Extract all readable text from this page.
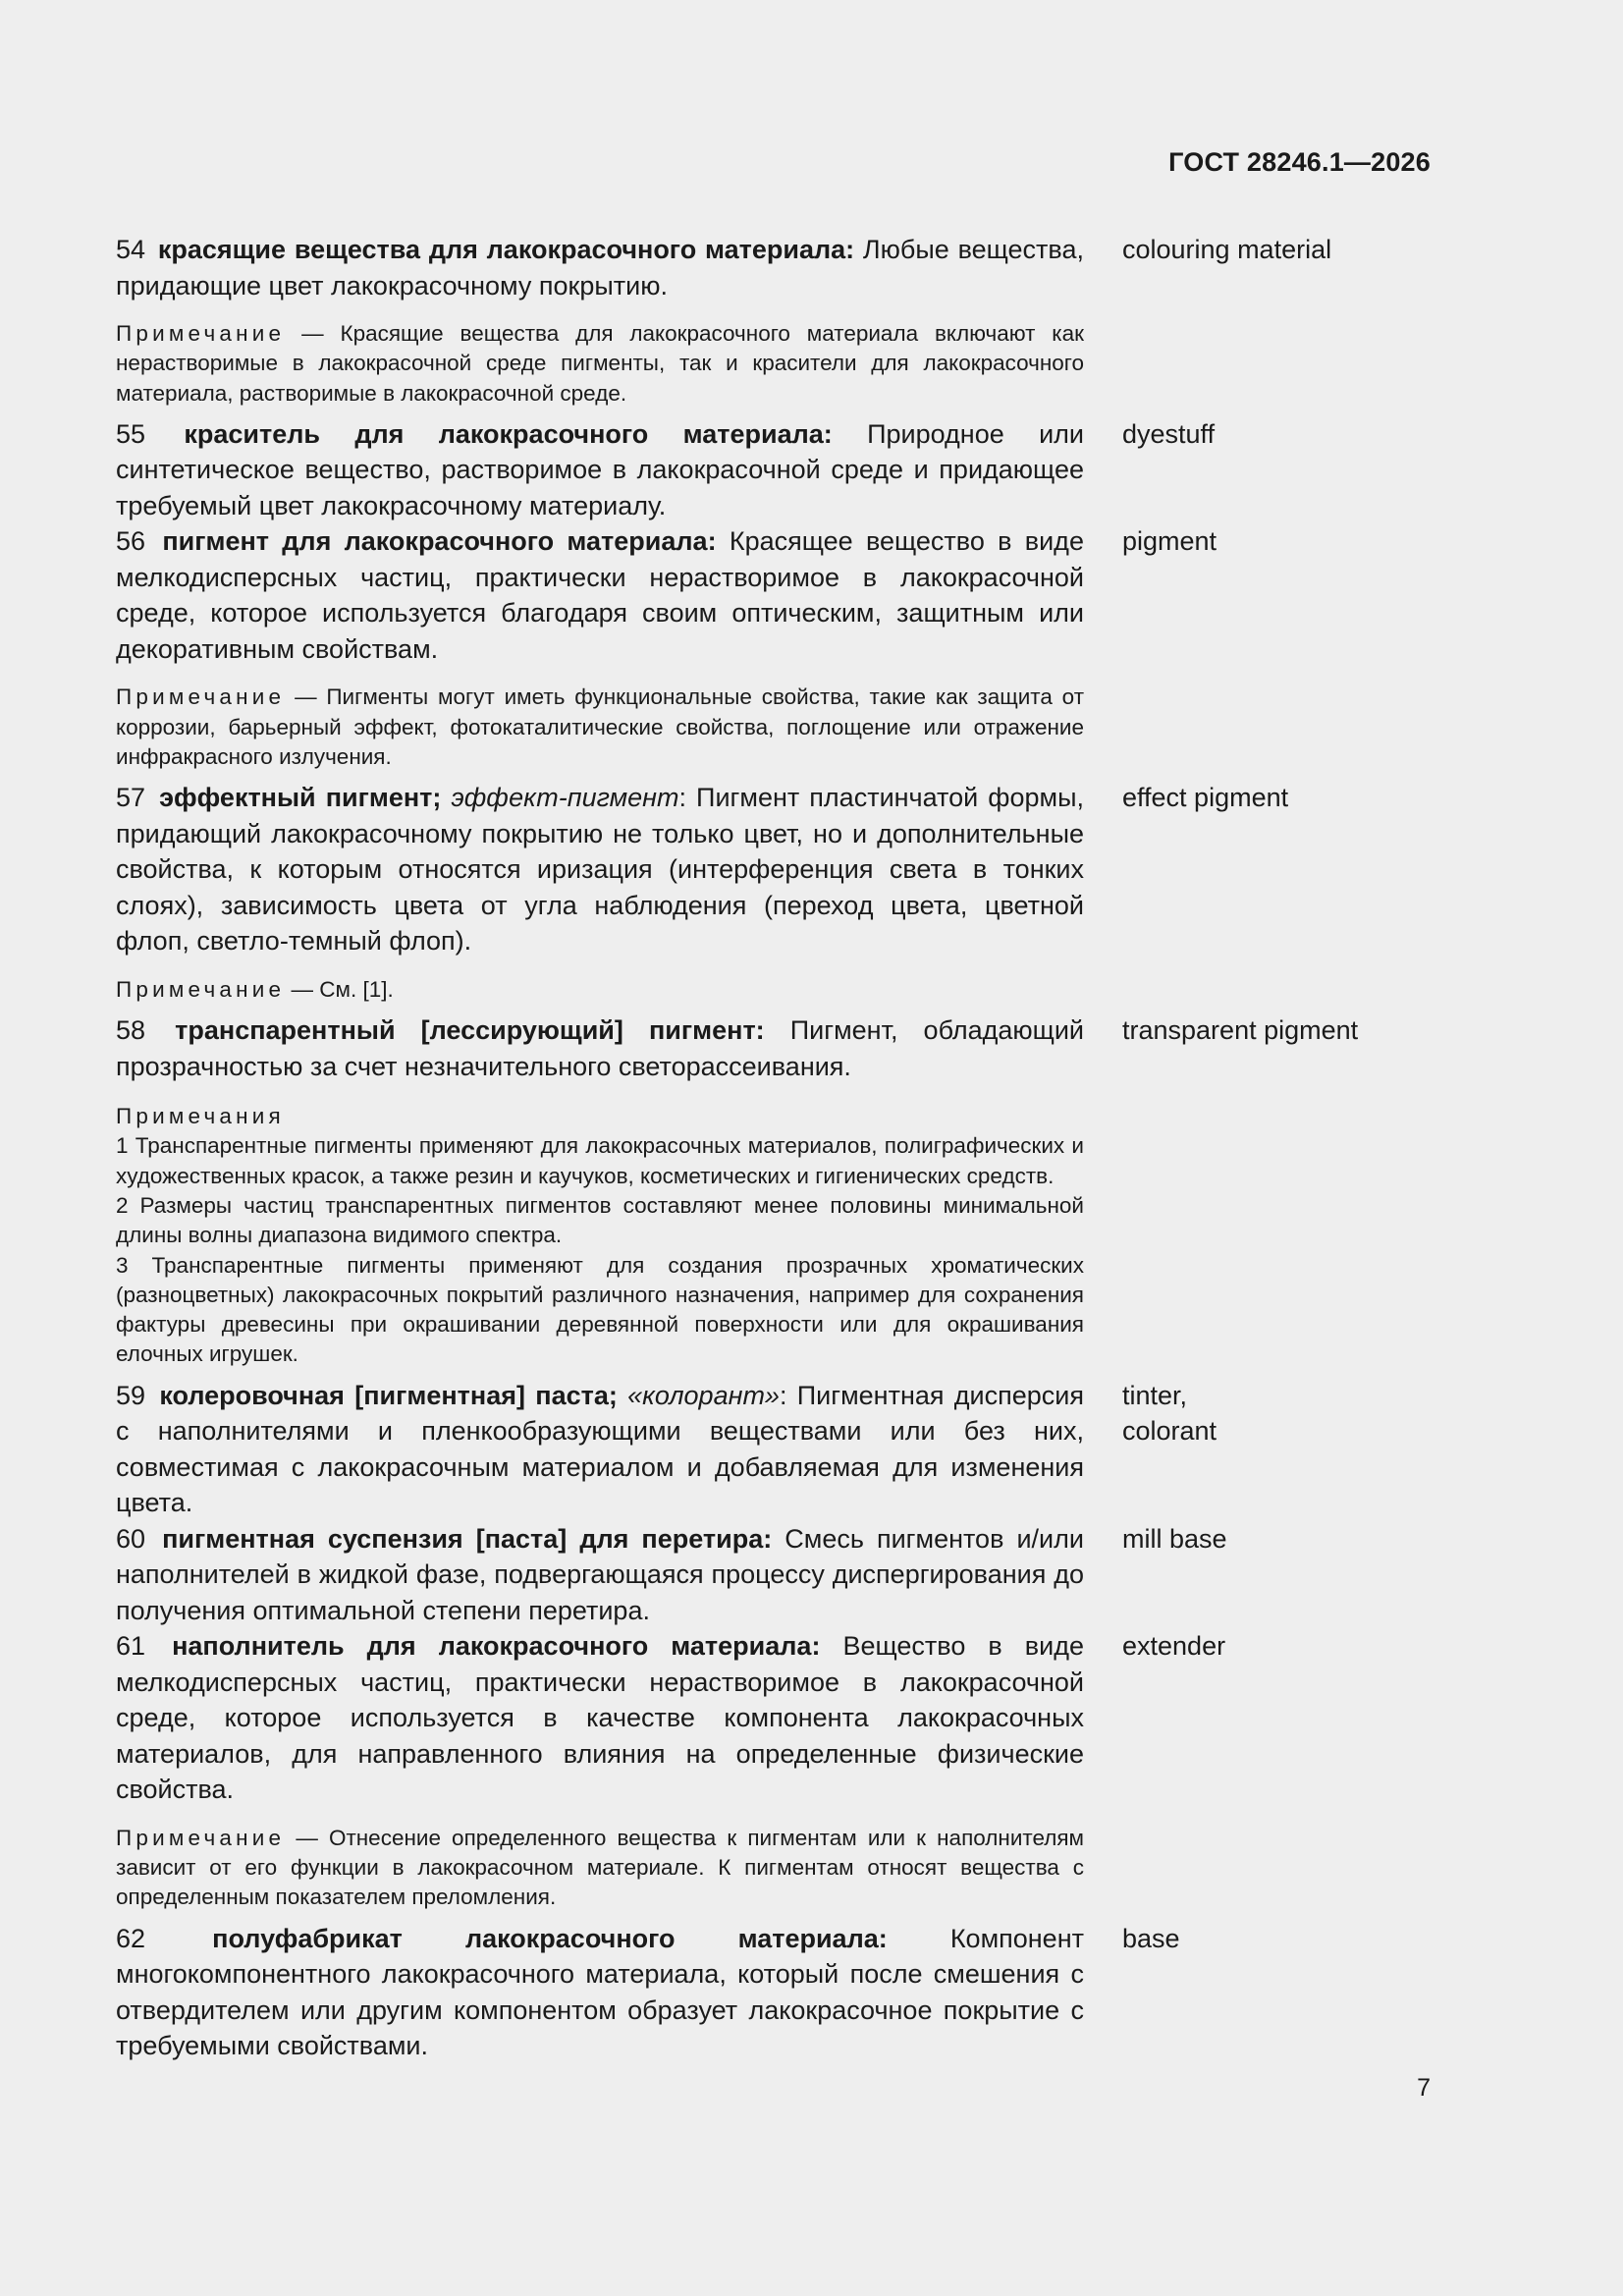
ГОСТ 28246.1—2026
54 красящие вещества для лакокрасочного материала: Любые вещества, придающие цвет лакокрасочному покрытию.
colouring material
Примечание — Красящие вещества для лакокрасочного материала включают как нерастворимые в лакокрасочной среде пигменты, так и красители для лакокрасочного материала, растворимые в лакокрасочной среде.
55 краситель для лакокрасочного материала: Природное или синтетическое вещество, растворимое в лакокрасочной среде и придающее требуемый цвет лакокрасочному материалу.
dyestuff
56 пигмент для лакокрасочного материала: Красящее вещество в виде мелкодисперсных частиц, практически нерастворимое в лакокрасочной среде, которое используется благодаря своим оптическим, защитным или декоративным свойствам.
pigment
Примечание — Пигменты могут иметь функциональные свойства, такие как защита от коррозии, барьерный эффект, фотокаталитические свойства, поглощение или отражение инфракрасного излучения.
57 эффектный пигмент; эффект-пигмент: Пигмент пластинчатой формы, придающий лакокрасочному покрытию не только цвет, но и дополнительные свойства, к которым относятся иризация (интерференция света в тонких слоях), зависимость цвета от угла наблюдения (переход цвета, цветной флоп, светло-темный флоп).
effect pigment
Примечание — См. [1].
58 транспарентный [лессирующий] пигмент: Пигмент, обладающий прозрачностью за счет незначительного светорассеивания.
transparent pigment
Примечания
1 Транспарентные пигменты применяют для лакокрасочных материалов, полиграфических и художественных красок, а также резин и каучуков, косметических и гигиенических средств.
2 Размеры частиц транспарентных пигментов составляют менее половины минимальной длины волны диапазона видимого спектра.
3 Транспарентные пигменты применяют для создания прозрачных хроматических (разноцветных) лакокрасочных покрытий различного назначения, например для сохранения фактуры древесины при окрашивании деревянной поверхности или для окрашивания елочных игрушек.
59 колеровочная [пигментная] паста; «колорант»: Пигментная дисперсия с наполнителями и пленкообразующими веществами или без них, совместимая с лакокрасочным материалом и добавляемая для изменения цвета.
tinter,
colorant
60 пигментная суспензия [паста] для перетира: Смесь пигментов и/или наполнителей в жидкой фазе, подвергающаяся процессу диспергирования до получения оптимальной степени перетира.
mill base
61 наполнитель для лакокрасочного материала: Вещество в виде мелкодисперсных частиц, практически нерастворимое в лакокрасочной среде, которое используется в качестве компонента лакокрасочных материалов, для направленного влияния на определенные физические свойства.
extender
Примечание — Отнесение определенного вещества к пигментам или к наполнителям зависит от его функции в лакокрасочном материале. К пигментам относят вещества с определенным показателем преломления.
62	полуфабрикат лакокрасочного материала: Компонент многокомпонентного лакокрасочного материала, который после смешения с отвердителем или другим компонентом образует лакокрасочное покрытие с требуемыми свойствами.
base
7
